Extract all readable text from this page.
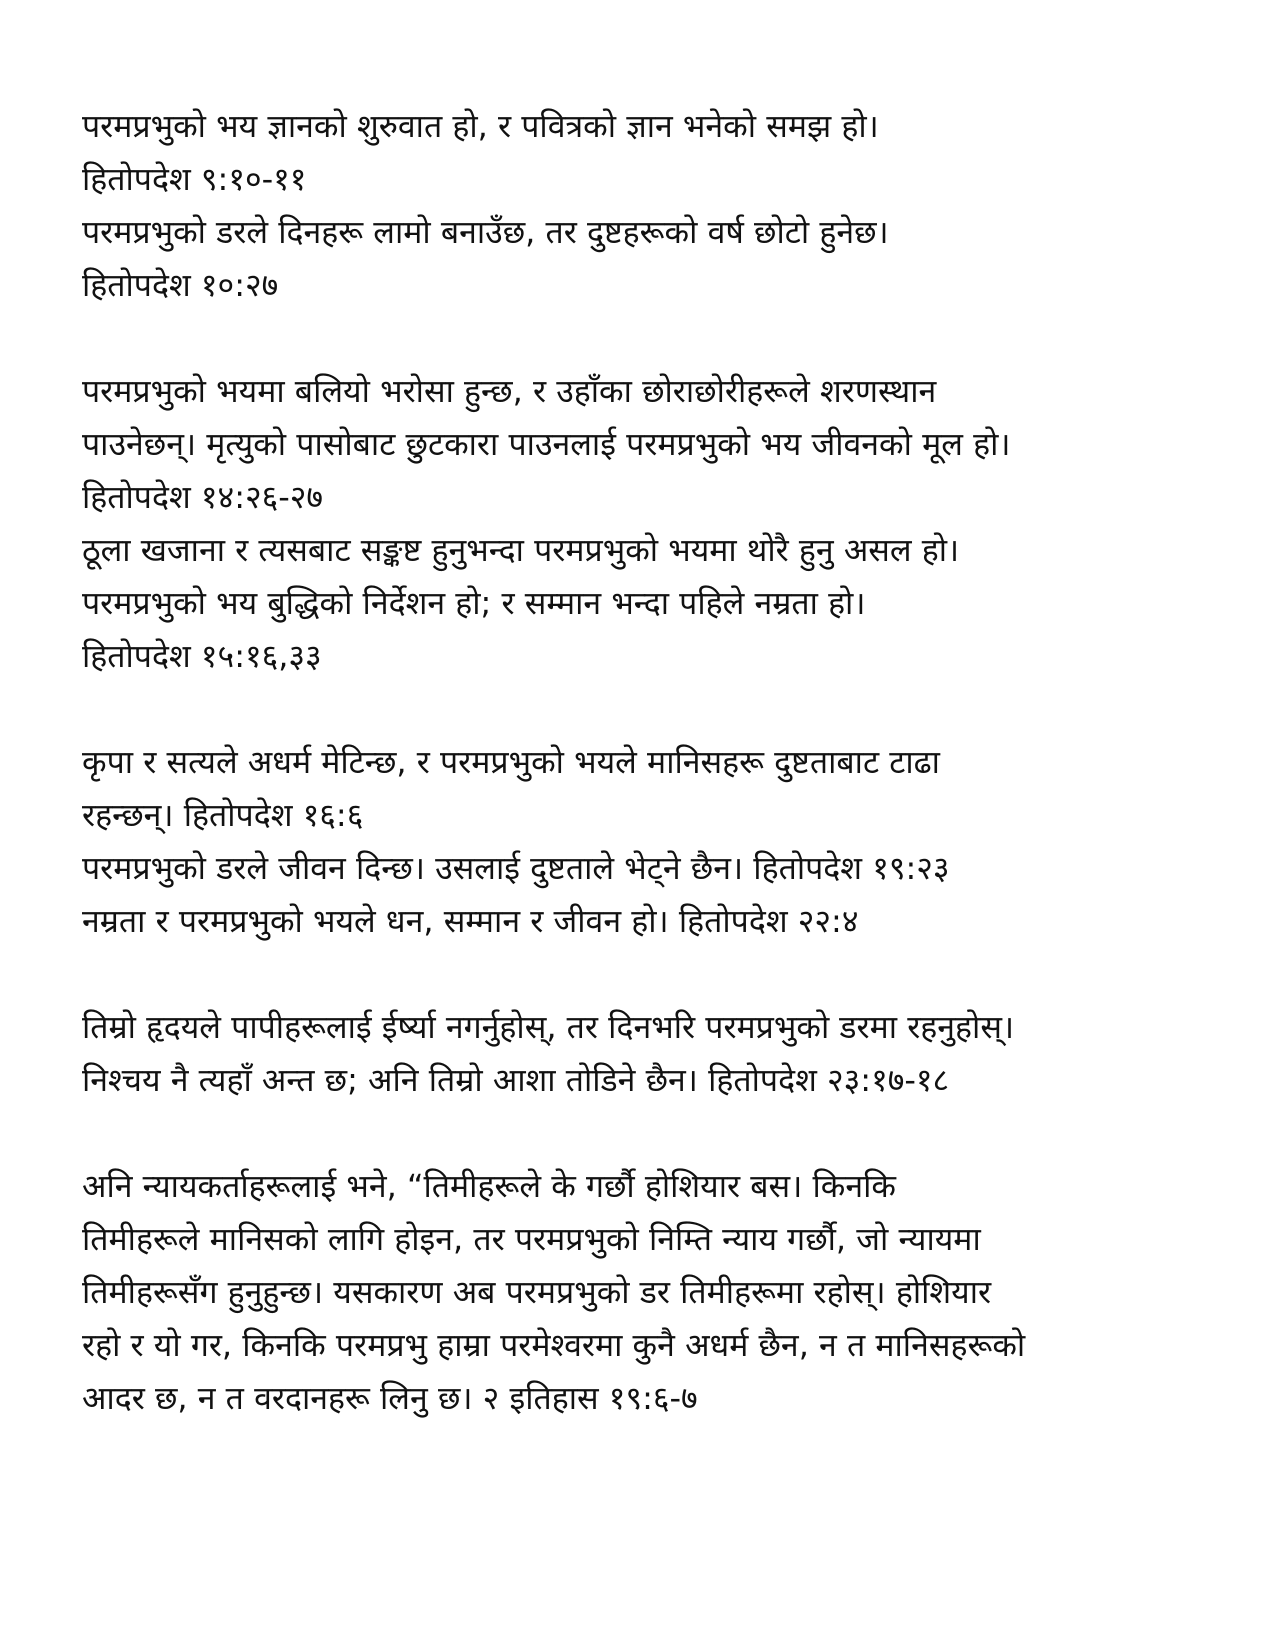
परमप्रभुको भय ज्ञानको शुरुवात हो, र पवित्रको ज्ञान भनेको समझ हो।

हितोपदेश ९:१०-११

परमप्रभुको डरले दिनहरू लामो बनाउँछ, तर दुष्टहरूको वर्ष छोटो हुनेछ।

हितोपदेश १०:२७

परमप्रभुको भयमा बलियो भरोसा हुन्छ, र उहाँका छोराछोरीहरूले शरणस्थान

पाउनेछन्। मृत्युको पासोबाट छुटकारा पाउनलाई परमप्रभुको भय जीवनको मूल हो।

हितोपदेश १४:२६-२७

ठूला खजाना र त्यसबाट सङ्कष्ट हुनुभन्दा परमप्रभुको भयमा थोरै हुनु असल हो।

परमप्रभुको भय बुद्धिको निर्देशन हो; र सम्मान भन्दा पहिले नम्रता हो।

हितोपदेश १५:१६,३३

कृपा र सत्यले अधर्म मेटिन्छ, र परमप्रभुको भयले मानिसहरू दुष्टताबाट टाढा

रहन्छन्। हितोपदेश १६:६

परमप्रभुको डरले जीवन दिन्छ। उसलाई दुष्टताले भेट्ने छैन। हितोपदेश १९:२३

नम्रता र परमप्रभुको भयले धन, सम्मान र जीवन हो। हितोपदेश २२:४

तिम्रो हृदयले पापीहरूलाई ईर्ष्या नगर्नुहोस्, तर दिनभरि परमप्रभुको डरमा रहनुहोस्।

निश्चय नै त्यहाँ अन्त छ; अनि तिम्रो आशा तोडिने छैन। हितोपदेश २३:१७-१८

अनि न्यायकर्ताहरूलाई भने, “तिमीहरूले के गर्छौ होशियार बस। किनकि

तिमीहरूले मानिसको लागि होइन, तर परमप्रभुको निम्ति न्याय गर्छौ, जो न्यायमा

तिमीहरूसँग हुनुहुन्छ। यसकारण अब परमप्रभुको डर तिमीहरूमा रहोस्। होशियार

रहो र यो गर, किनकि परमप्रभु हाम्रा परमेश्वरमा कुनै अधर्म छैन, न त मानिसहरूको

आदर छ, न त वरदानहरू लिनु छ। २ इतिहास १९:६-७
